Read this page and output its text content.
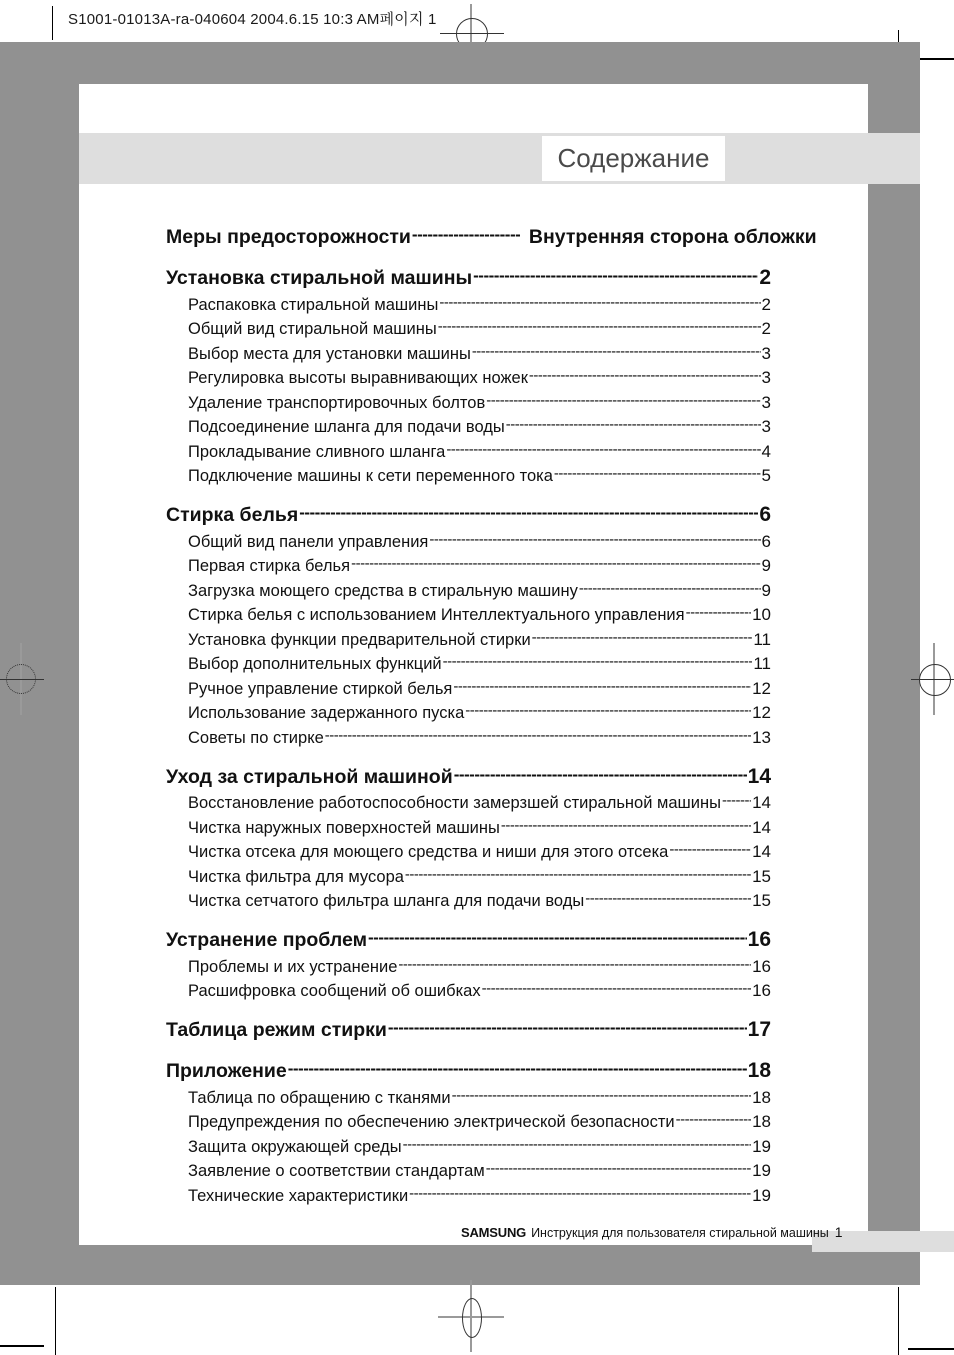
S1001-01013A-ra-040604 2004.6.15 10:3 AM페이지 1
Содержание
Меры предосторожности -----	Внутренняя сторона обложки
Установка стиральной машины -----	2
Распаковка стиральной машины -----	2
Общий вид стиральной машины -----	2
Выбор места для установки машины -----	3
Регулировка высоты выравнивающих ножек -----	3
Удаление транспортировочных болтов -----	3
Подсоединение шланга для подачи воды -----	3
Прокладывание сливного шланга -----	4
Подключение машины к сети переменного тока -----	5
Стирка белья -----	6
Общий вид панели управления -----	6
Первая стирка белья -----	9
Загрузка моющего средства в стиральную машину -----	9
Стирка белья с использованием Интеллектуального управления -----	10
Установка функции предварительной стирки -----	11
Выбор дополнительных функций -----	11
Ручное управление стиркой белья -----	12
Использование задержанного пуска -----	12
Советы по стирке -----	13
Уход за стиральной машиной -----	14
Восстановление работоспособности замерзшей стиральной машины ----- 14
Чистка наружных поверхностей машины -----	14
Чистка отсека для моющего средства и ниши для этого отсека -----	14
Чистка фильтра для мусора -----	15
Чистка сетчатого фильтра шланга для подачи воды -----	15
Устранение проблем -----	16
Проблемы и их устранение -----	16
Расшифровка сообщений об ошибках -----	16
Таблица режим стирки -----	17
Приложение -----	18
Таблица по обращению с тканями -----	18
Предупреждения по обеспечению электрической безопасности -----	18
Защита окружающей среды -----	19
Заявление о соответствии стандартам -----	19
Технические характеристики -----	19
SAMSUNG Инструкция для пользователя стиральной машины 1
